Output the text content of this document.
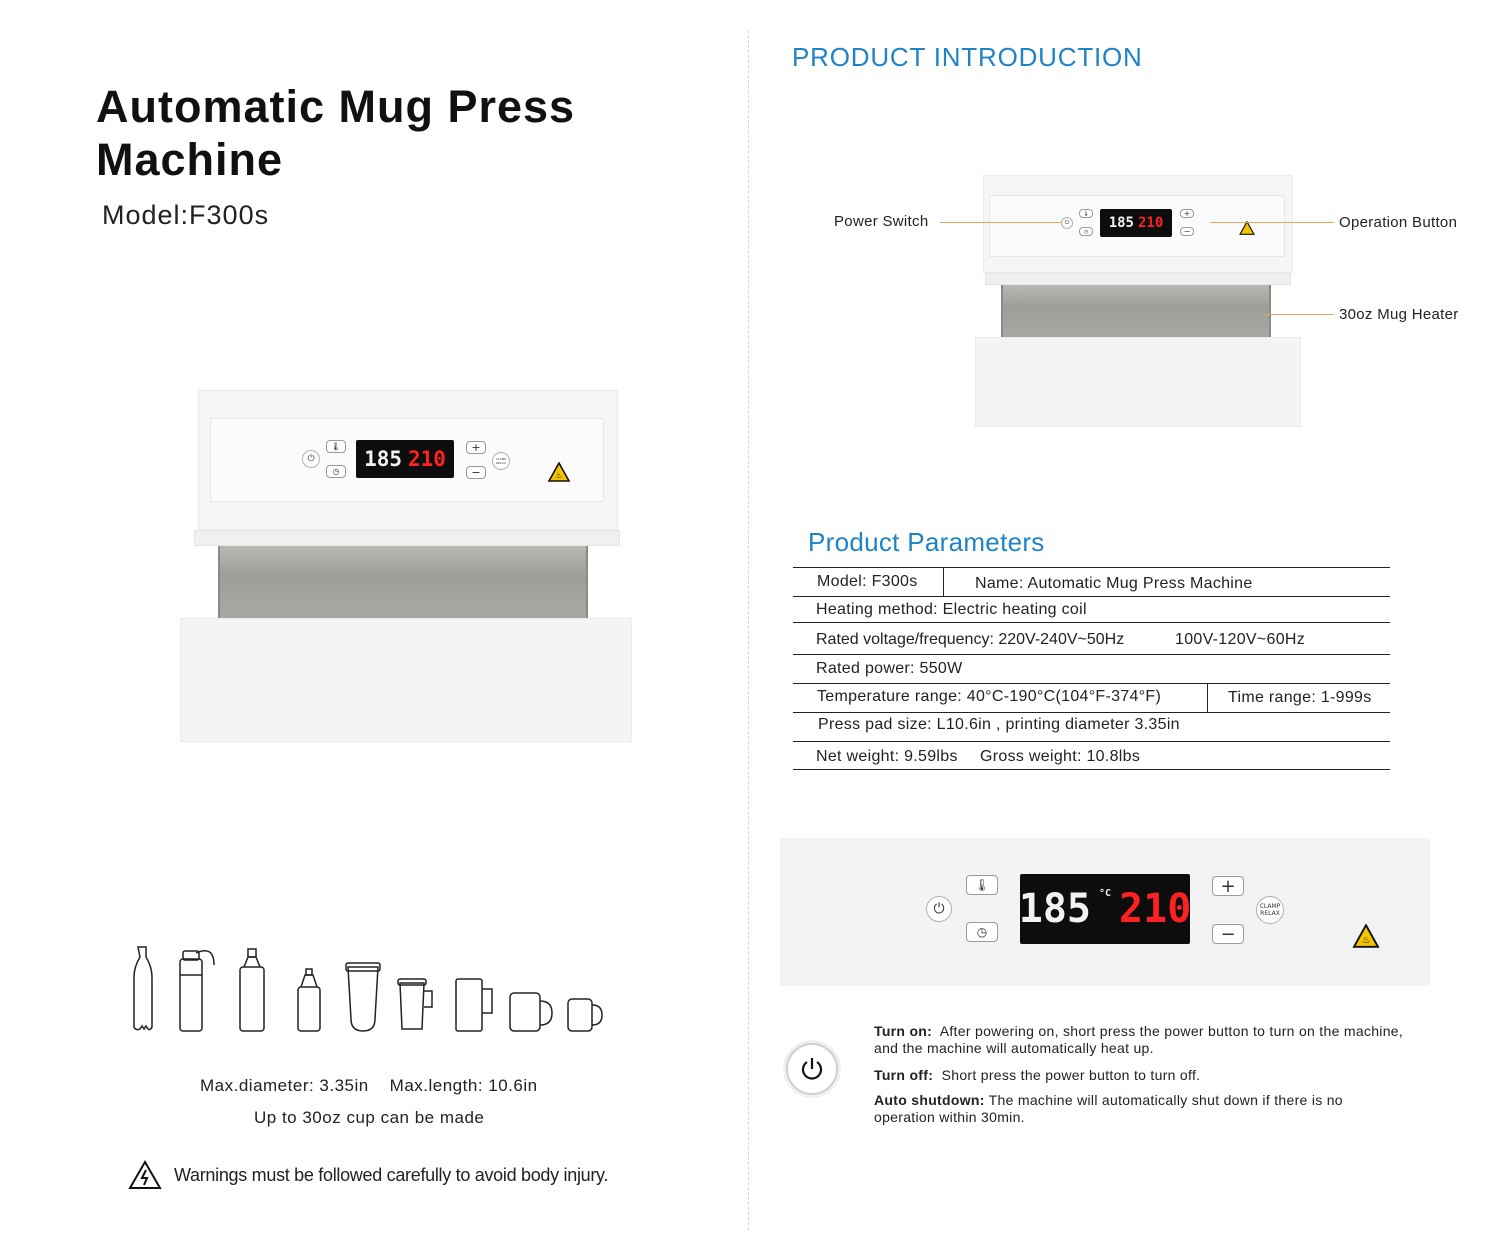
Automatic Mug Press
Machine
Model:F300s
⏻
🌡
◷
185 210	+
−
CLAMP
RELAX
♨
Max.diameter: 3.35in Max.length: 10.6in
Up to 30oz cup can be made
Warnings must be followed carefully to avoid body injury.
PRODUCT INTRODUCTION
⏻
🌡
◷
185 210
+
−
Power Switch	Operation Button
30oz Mug Heater
Product Parameters
Model: F300s	Name: Automatic Mug Press Machine
Heating method: Electric heating coil
Rated voltage/frequency: 220V-240V~50Hz	100V-120V~60Hz
Rated power: 550W
Temperature range: 40°C-190°C(104°F-374°F)	Time range: 1-999s
Press pad size: L10.6in , printing diameter 3.35in
Net weight: 9.59lbs Gross weight: 10.8lbs
⏻
🌡
◷ 185 °C 210	+
−
CLAMP
RELAX
♨
Turn on: After powering on, short press the power button to turn on the machine, and the machine will automatically heat up.
Turn off: Short press the power button to turn off.
Auto shutdown: The machine will automatically shut down if there is no operation within 30min.
